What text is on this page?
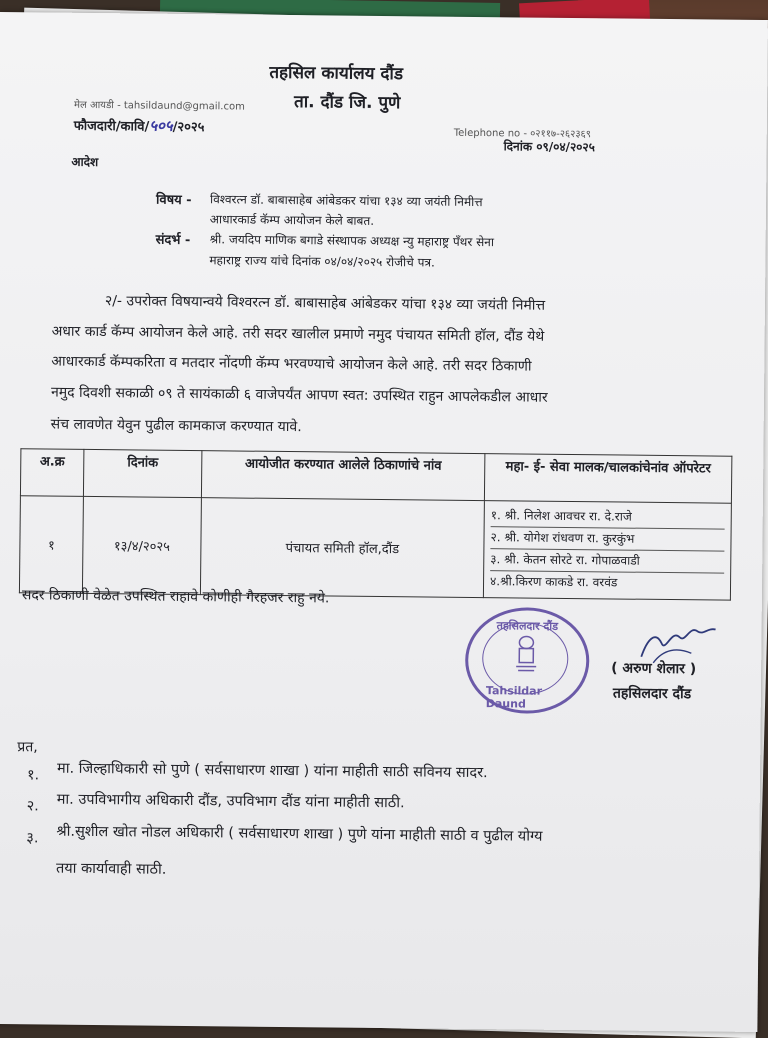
तहसिल कार्यालय दौंड
ता. दौंड जि. पुणे
मेल आयडी - tahsildaund@gmail.com
फौजदारी/कावि/५०५/२०२५	Telephone no - ०२११७-२६२३६९
दिनांक ०९/०४/२०२५
आदेश
विषय - विश्वरत्न डॉ. बाबासाहेब आंबेडकर यांचा १३४ व्या जयंती निमीत्त
आधारकार्ड कॅम्प आयोजन केले बाबत.
संदर्भ - श्री. जयदिप माणिक बगाडे संस्थापक अध्यक्ष न्यु महाराष्ट्र पँथर सेना
महाराष्ट्र राज्य यांचे दिनांक ०४/०४/२०२५ रोजीचे पत्र.
२/- उपरोक्त विषयान्वये विश्वरत्न डॉ. बाबासाहेब आंबेडकर यांचा १३४ व्या जयंती निमीत्त
अधार कार्ड कॅम्प आयोजन केले आहे. तरी सदर खालील प्रमाणे नमुद पंचायत समिती हॉल, दौंड येथे
आधारकार्ड कॅम्पकरिता व मतदार नोंदणी कॅम्प भरवण्याचे आयोजन केले आहे. तरी सदर ठिकाणी
नमुद दिवशी सकाळी ०९ ते सायंकाळी ६ वाजेपर्यंत आपण स्वत: उपस्थित राहुन आपलेकडील आधार
संच लावणेत येवुन पुढील कामकाज करण्यात यावे.
अ.क्र	दिनांक	आयोजीत करण्यात आलेले ठिकाणांचे नांव	महा- ई- सेवा मालक/चालकांचेनांव ऑपरेटर
१	१३/४/२०२५	पंचायत समिती हॉल,दौंड	१. श्री. निलेश आवचर रा. दे.राजे
२. श्री. योगेश रांधवण रा. कुरकुंभ
३. श्री. केतन सोरटे रा. गोपाळवाडी
४.श्री.किरण काकडे रा. वरवंड
सदर ठिकाणी वेळेत उपस्थित राहावे कोणीही गैरहजर राहु नये.
तहसिलदार दौंड
Tahsildar Daund
( अरुण शेलार )
तहसिलदार दौंड
प्रत,
१. मा. जिल्हाधिकारी सो पुणे ( सर्वसाधारण शाखा ) यांना माहीती साठी सविनय सादर.
२. मा. उपविभागीय अधिकारी दौंड, उपविभाग दौंड यांना माहीती साठी.
३. श्री.सुशील खोत नोडल अधिकारी ( सर्वसाधारण शाखा ) पुणे यांना माहीती साठी व पुढील योग्य
तया कार्यावाही साठी.
